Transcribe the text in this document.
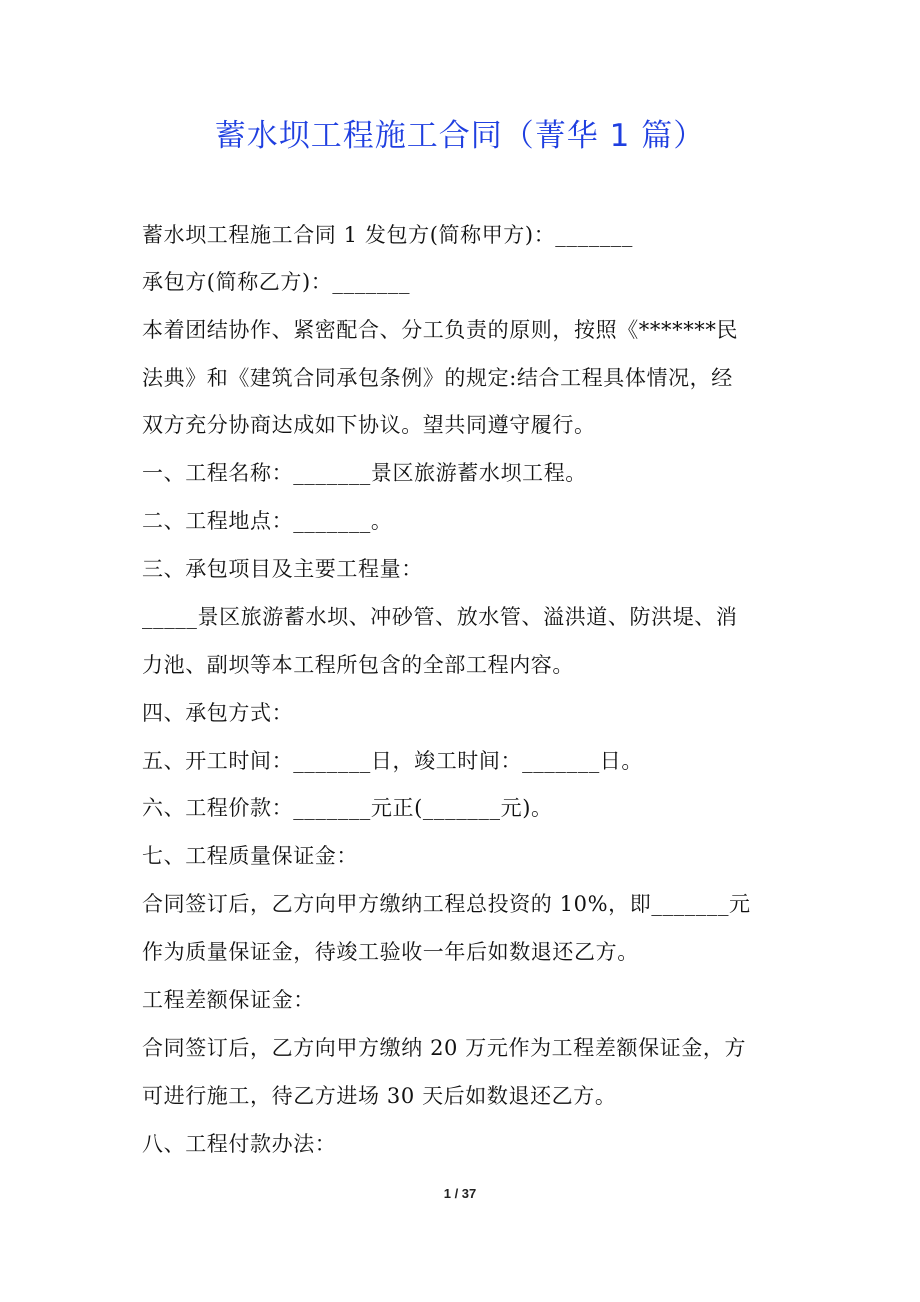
蓄水坝工程施工合同（菁华 1 篇）
蓄水坝工程施工合同 1 发包方(简称甲方)：_______
承包方(简称乙方)：_______
本着团结协作、紧密配合、分工负责的原则，按照《*******民
法典》和《建筑合同承包条例》的规定:结合工程具体情况，经
双方充分协商达成如下协议。望共同遵守履行。
一、工程名称：_______景区旅游蓄水坝工程。
二、工程地点：_______。
三、承包项目及主要工程量：
_____景区旅游蓄水坝、冲砂管、放水管、溢洪道、防洪堤、消
力池、副坝等本工程所包含的全部工程内容。
四、承包方式：
五、开工时间：_______日，竣工时间：_______日。
六、工程价款：_______元正(_______元)。
七、工程质量保证金：
合同签订后，乙方向甲方缴纳工程总投资的 10%，即_______元
作为质量保证金，待竣工验收一年后如数退还乙方。
工程差额保证金：
合同签订后，乙方向甲方缴纳 20 万元作为工程差额保证金，方
可进行施工，待乙方进场 30 天后如数退还乙方。
八、工程付款办法：
1 / 37
